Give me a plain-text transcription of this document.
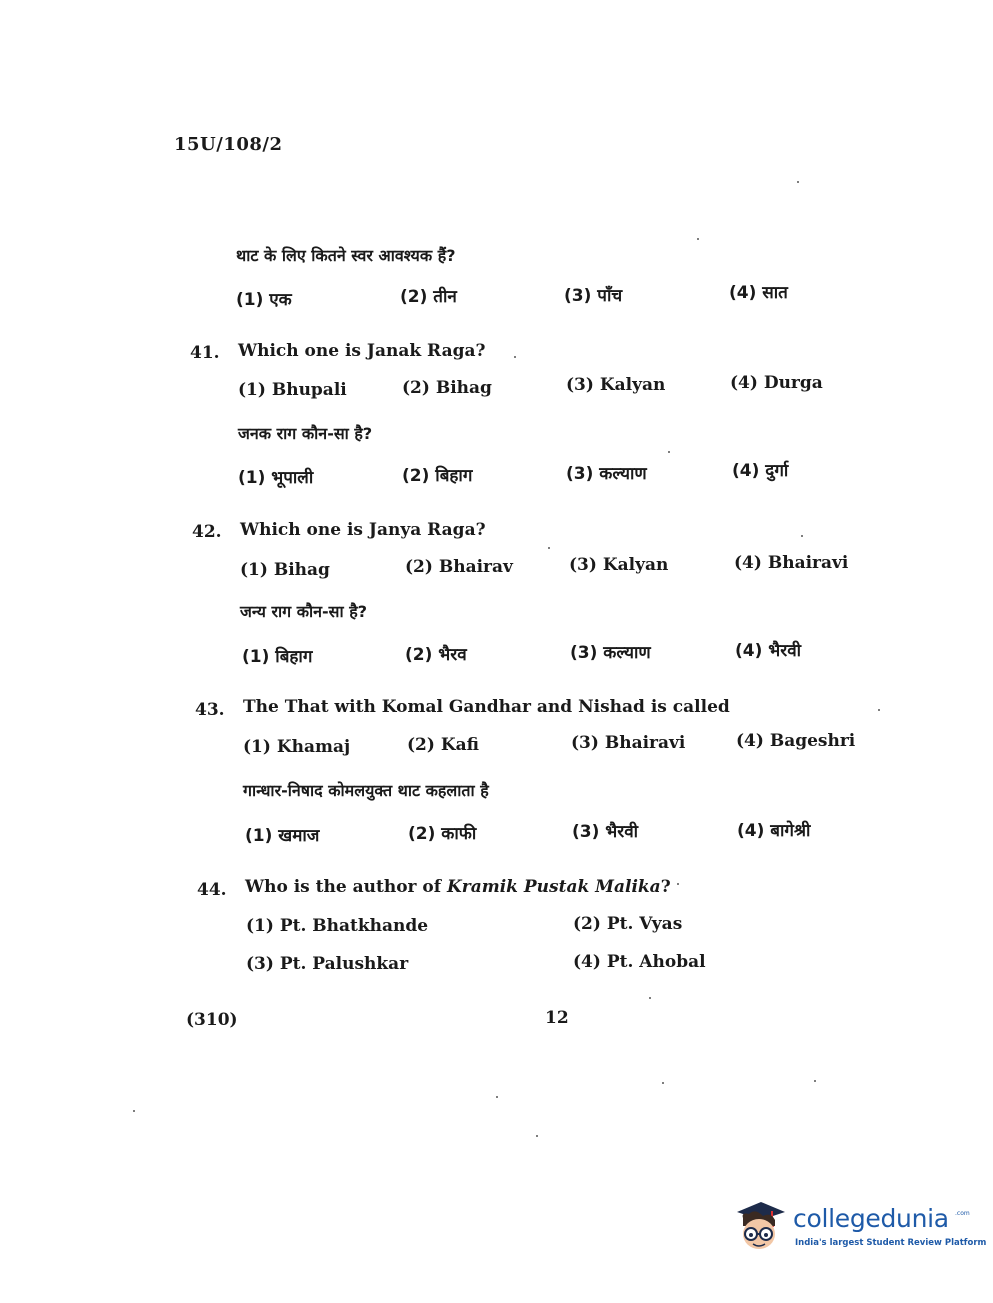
15U/108/2
थाट के लिए कितने स्वर आवश्यक हैं?
(1) एक	(2) तीन	(3) पाँच	(4) सात
41. Which one is Janak Raga?
(1) Bhupali	(2) Bihag	(3) Kalyan	(4) Durga
जनक राग कौन-सा है?
(1) भूपाली	(2) बिहाग	(3) कल्याण	(4) दुर्गा
42. Which one is Janya Raga?
(1) Bihag	(2) Bhairav	(3) Kalyan	(4) Bhairavi
जन्य राग कौन-सा है?
(1) बिहाग	(2) भैरव	(3) कल्याण	(4) भैरवी
43. The That with Komal Gandhar and Nishad is called
(1) Khamaj	(2) Kafi	(3) Bhairavi	(4) Bageshri
गान्धार-निषाद कोमलयुक्त थाट कहलाता है
(1) खमाज	(2) काफी	(3) भैरवी	(4) बागेश्री
44. Who is the author of Kramik Pustak Malika?
(1) Pt. Bhatkhande	(2) Pt. Vyas
(3) Pt. Palushkar	(4) Pt. Ahobal
(310)	12
collegedunia .com
India's largest Student Review Platform
